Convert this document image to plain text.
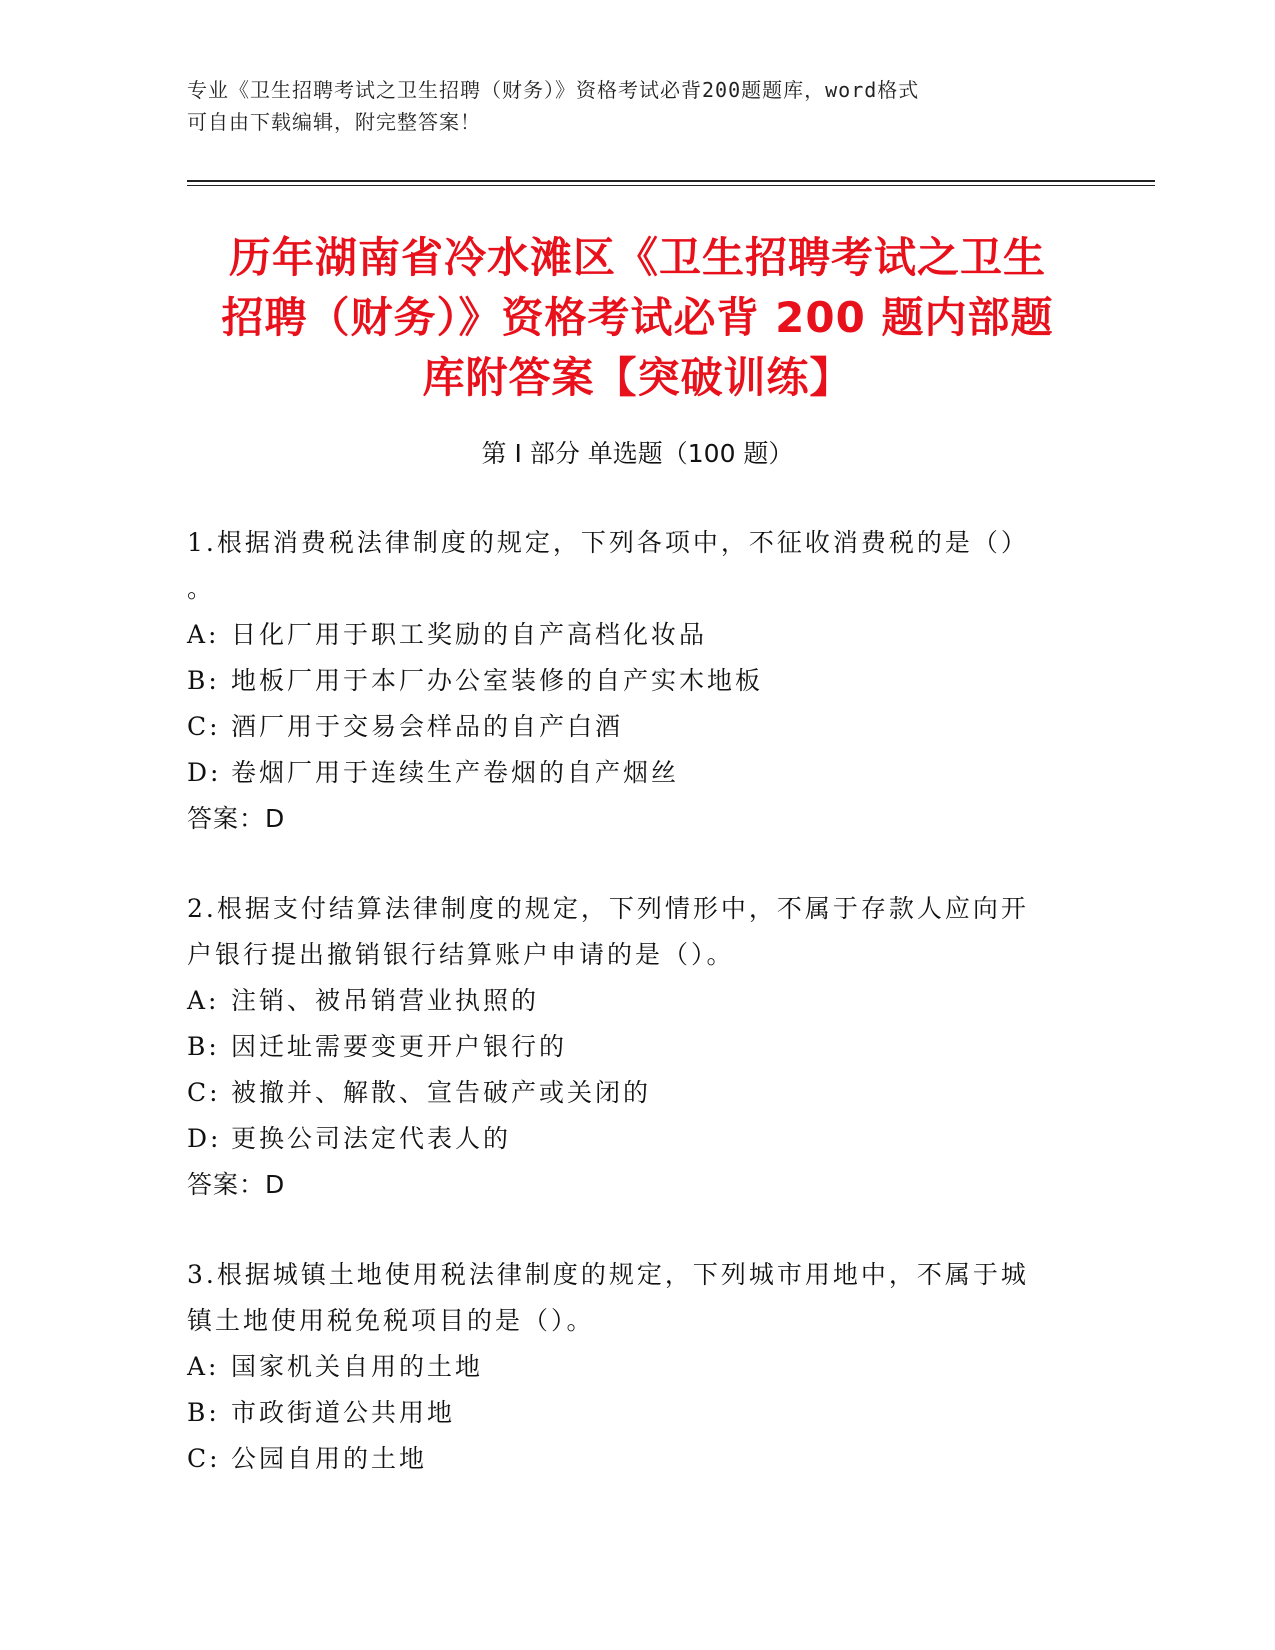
专业《卫生招聘考试之卫生招聘（财务）》资格考试必背200题题库，word格式
可自由下载编辑，附完整答案！
历年湖南省冷水滩区《卫生招聘考试之卫生
招聘（财务）》资格考试必背 200 题内部题
库附答案【突破训练】
第 I 部分 单选题（100 题）
1.根据消费税法律制度的规定，下列各项中，不征收消费税的是（）
。
A: 日化厂用于职工奖励的自产高档化妆品
B: 地板厂用于本厂办公室装修的自产实木地板
C: 酒厂用于交易会样品的自产白酒
D: 卷烟厂用于连续生产卷烟的自产烟丝
答案：D
2.根据支付结算法律制度的规定，下列情形中，不属于存款人应向开
户银行提出撤销银行结算账户申请的是（）。
A: 注销、被吊销营业执照的
B: 因迁址需要变更开户银行的
C: 被撤并、解散、宣告破产或关闭的
D: 更换公司法定代表人的
答案：D
3.根据城镇土地使用税法律制度的规定，下列城市用地中，不属于城
镇土地使用税免税项目的是（）。
A: 国家机关自用的土地
B: 市政街道公共用地
C: 公园自用的土地
